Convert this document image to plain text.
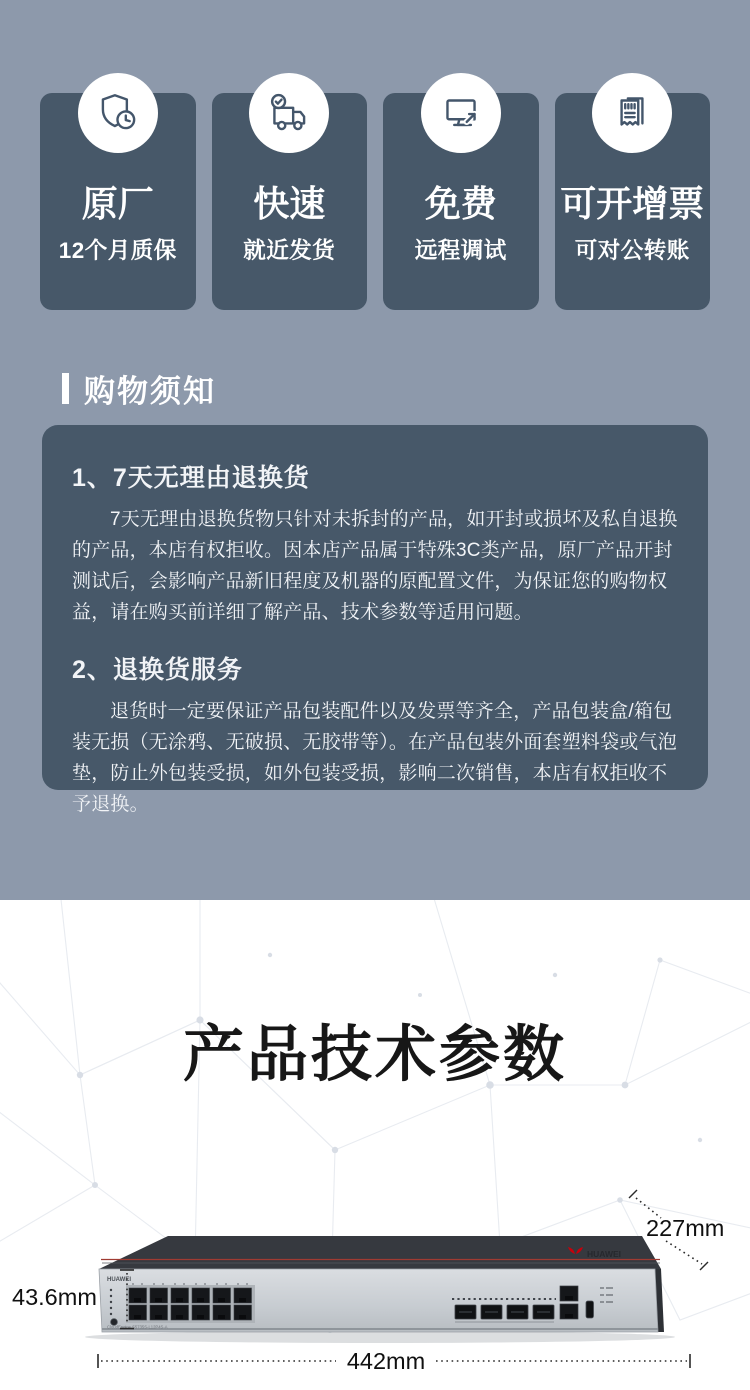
原厂
12个月质保
快速
就近发货
免费
远程调试
可开增票
可对公转账
购物须知
1、7天无理由退换货

7天无理由退换货物只针对未拆封的产品，如开封或损坏及私自退换的产品，本店有权拒收。因本店产品属于特殊3C类产品，原厂产品开封测试后，会影响产品新旧程度及机器的原配置文件，为保证您的购物权益，请在购买前详细了解产品、技术参数等适用问题。

2、退换货服务

退货时一定要保证产品包装配件以及发票等齐全，产品包装盒/箱包装无损（无涂鸦、无破损、无胶带等）。在产品包装外面套塑料袋或气泡垫，防止外包装受损，如外包装受损，影响二次销售，本店有权拒收不予退换。

产品技术参数
HUAWEI
HUAWEI
CloudEngine S5735S-L12P4S-A
43.6mm
442mm
227mm
